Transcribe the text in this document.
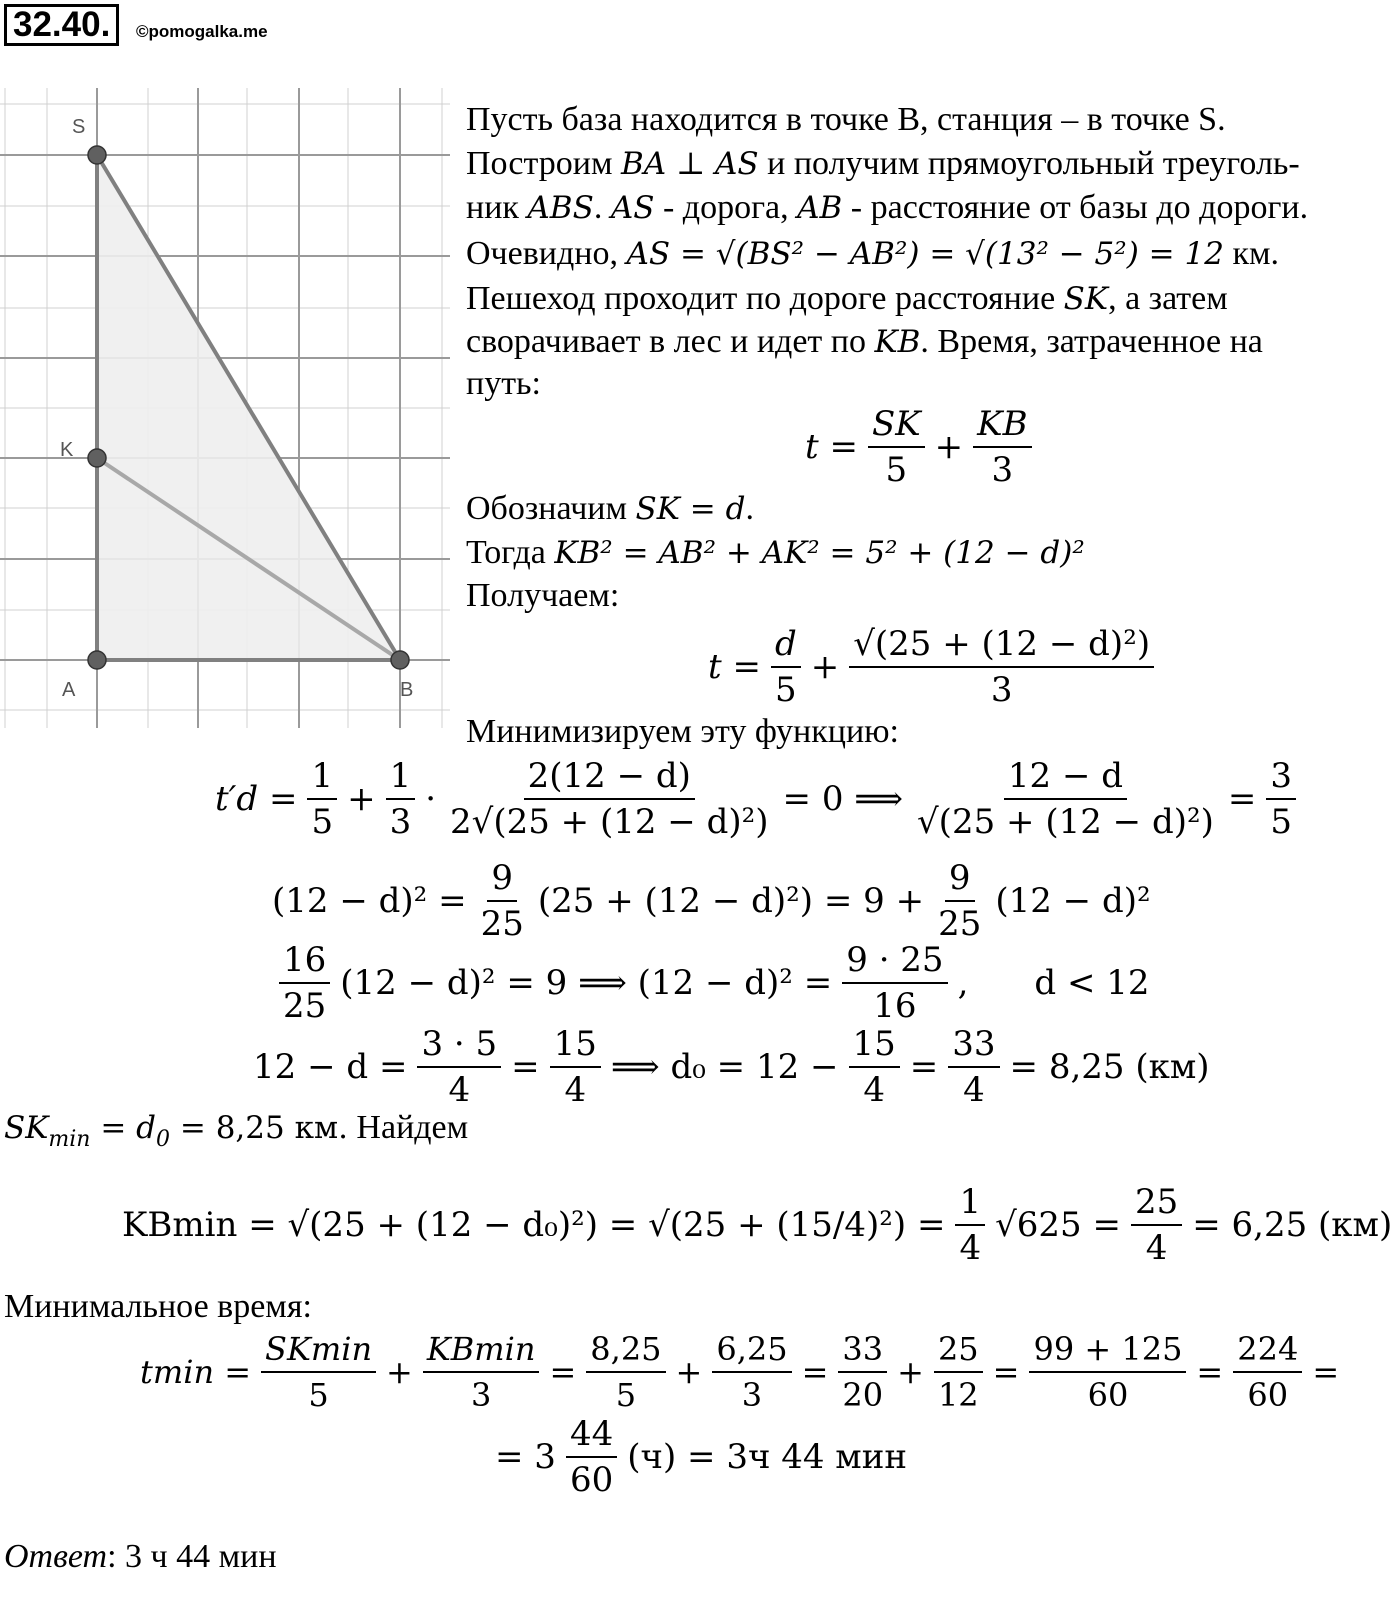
32.40.	©pomogalka.me
S
K
A	B
Пусть база находится в точке B, станция – в точке S.
Построим BA ⊥ AS и получим прямоугольный треуголь-
ник ABS. AS - дорога, AB - расстояние от базы до дороги.
Очевидно, AS = √(BS² − AB²) = √(13² − 5²) = 12 км.
Пешеход проходит по дороге расстояние SK, а затем
сворачивает в лес и идет по KB. Время, затраченное на
путь:
$t = \frac{SK}{5} + \frac{KB}{3}$
Обозначим SK = d.
Тогда KB² = AB² + AK² = 5² + (12 − d)²
Получаем:
$t = \frac{d}{5} + \frac{\text{√(25 + (12 − d)²)}}{3}$
Минимизируем эту функцию:
$t'd = \frac{1}{5} + \frac{1}{3} \cdot \frac{2(12 - d)}{\text{2√(25 + (12 − d)²)}} = 0$ ⟹ $\frac{12 - d}{\text{√(25 + (12 − d)²)}} = \frac{3}{5}$
$(12 - d)^2 = \frac{9}{25} (25 + (12 - d)^2) = 9 + \frac{9}{25} (12 - d)^2$
$\frac{16}{25} (12 - d)^2 = 9$ ⟹ $(12 - d)^2 = \frac{9 \cdot 25}{16}$ , d < 12
$12 - d = \frac{3 \cdot 5}{4} = \frac{15}{4}$ ⟹ $d_0 = 12 - \frac{15}{4} = \frac{33}{4} = 8,25$ (км)
$SK_{min} = d_0 = 8,25$ км. Найдем
$KBmin = √(25 + (12 - d_0)^2) = √(25 + (15/4)^2) = \frac{1}{4} √625 = \frac{25}{4} = 6,25$ (км)
Минимальное время:
$tmin = \frac{SKmin}{5} + \frac{KBmin}{3} = \frac{8,25}{5} + \frac{6,25}{3} = \frac{33}{20} + \frac{25}{12} = \frac{99 + 125}{60} = \frac{224}{60}$ =
= $3 \frac{44}{60} (ч) = 3ч$ 44 мин
Ответ: 3 ч 44 мин
